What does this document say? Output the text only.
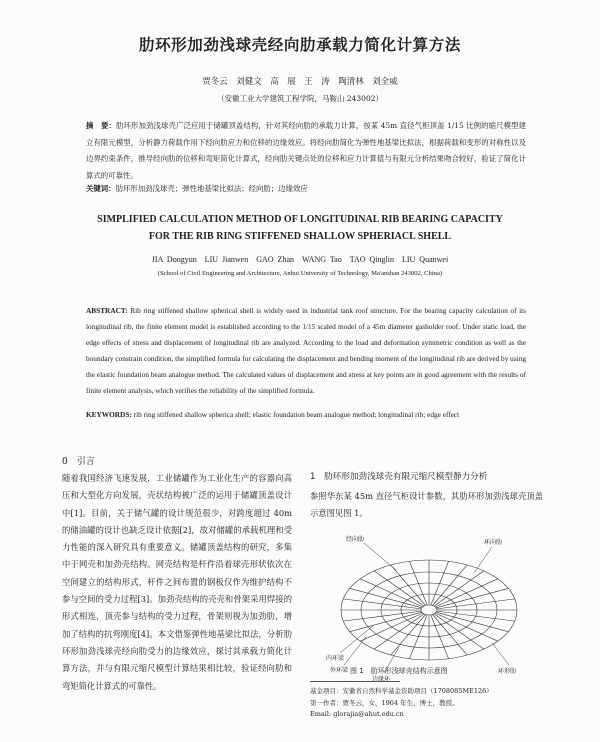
肋环形加劲浅球壳经向肋承载力简化计算方法
贾冬云　刘健文　高　展　王　涛　陶清林　刘全威
（安徽工业大学建筑工程学院，马鞍山 243002）
摘　要：肋环形加劲浅球壳广泛应用于储罐顶盖结构，针对其经向肋的承载力计算，按某 45m 直径气柜顶盖 1/15 比例的缩尺模型建立有限元模型，分析静力荷载作用下经向肋应力和位移的边缘效应。将经向肋简化为弹性地基梁比拟法，根据荷载和变形的对称性以及边界约束条件，推导经向肋的位移和弯矩简化计算式，经向肋关键点处的位移和应力计算值与有限元分析结果吻合较好，验证了简化计算式的可靠性。
关键词：肋环形加劲浅球壳；弹性地基梁比拟法；经向肋；边缘效应
SIMPLIFIED CALCULATION METHOD OF LONGITUDINAL RIB BEARING CAPACITY
FOR THE RIB RING STIFFENED SHALLOW SPHERIACL SHELL
JIA Dongyun　LIU Jianwen　GAO Zhan　WANG Tao　TAO Qinglin　LIU Quanwei
(School of Civil Engineering and Architecture, Anhui University of Technology, Ma'anshan 243002, China)
ABSTRACT: Rib ring stiffened shallow spherical shell is widely used in industrial tank roof structure. For the bearing capacity calculation of its longitudinal rib, the finite element model is established according to the 1/15 scaled model of a 45m diameter gasholder roof. Under static load, the edge effects of stress and displacement of longitudinal rib are analyzed. According to the load and deformation symmetric condition as well as the boundary constrain condition, the simplified formula for calculating the displacement and bending moment of the longitudinal rib are derived by using the elastic foundation beam analogue method. The calculated values of displacement and stress at key points are in good agreement with the results of finite element analysis, which verifies the reliability of the simplified formula.
KEYWORDS: rib ring stiffened shallow spherica shell; elastic foundation beam analogue method; longitudinal rib; edge effect
0　引言
随着我国经济飞速发展，工业储罐作为工业化生产的容器向高压和大型化方向发展，壳状结构被广泛的运用于储罐顶盖设计中[1]。目前，关于储气罐的设计规范很少，对跨度超过 40m 的储油罐的设计也缺乏设计依据[2]，故对储罐的承载机理和受力性能的深入研究具有重要意义。储罐顶盖结构的研究，多集中于网壳和加劲壳结构。网壳结构是杆件沿着球壳形状依次在空间建立的结构形式，杆件之间布置的钢板仅作为维护结构不参与空间的受力过程[3]。加劲壳结构的壳壳和骨架采用焊接的形式相连，顶壳参与结构的受力过程，骨架则视为加劲肋，增加了结构的抗弯刚度[4]。本文借鉴弹性地基梁比拟法，分析肋环形加劲浅球壳经向肋受力的边缘效应，探讨其承载力简化计算方法，并与有限元缩尺模型计算结果相比较，验证经向肋和弯矩简化计算式的可靠性。
1　肋环形加劲浅球壳有限元缩尺模型静力分析
参照华东某 45m 直径气柜设计参数，其肋环形加劲浅球壳顶盖示意图见图 1。
经向肋	环向肋
内环梁
外环梁
边缘环
环形肋
图 1　肋环形浅球壳结构示意图
基金项目：安徽省自然科学基金资助项目（1708085ME126）
第一作者：贾冬云，女，1964 年生，博士，教授。
Email: glorajia@ahut.edu.cn
